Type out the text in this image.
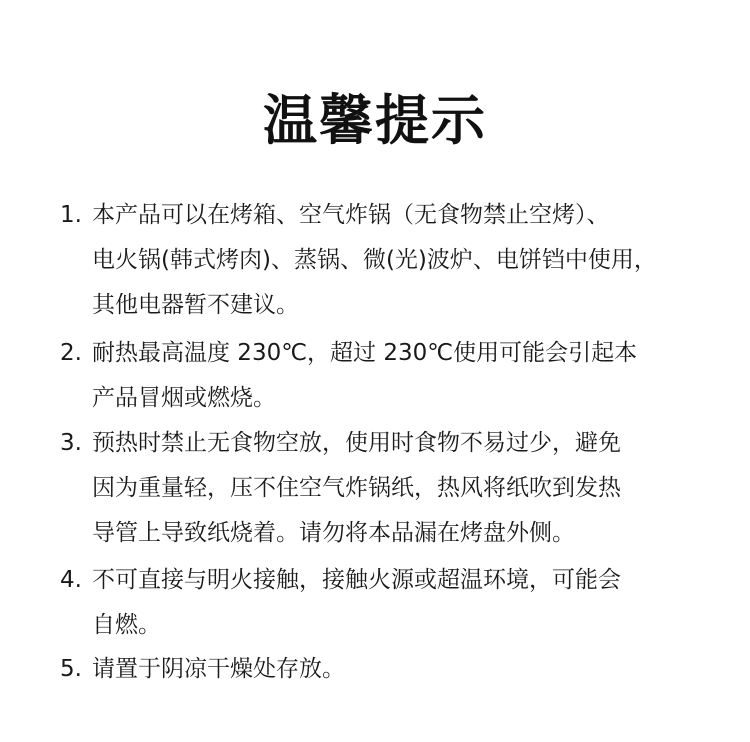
温馨提示
1. 本产品可以在烤箱、空气炸锅（无食物禁止空烤）、
电火锅(韩式烤肉)、蒸锅、微(光)波炉、电饼铛中使用，
其他电器暂不建议。
2. 耐热最高温度 230℃，超过 230℃使用可能会引起本
产品冒烟或燃烧。
3. 预热时禁止无食物空放，使用时食物不易过少，避免
因为重量轻，压不住空气炸锅纸，热风将纸吹到发热
导管上导致纸烧着。请勿将本品漏在烤盘外侧。
4. 不可直接与明火接触，接触火源或超温环境，可能会
自燃。
5. 请置于阴凉干燥处存放。
